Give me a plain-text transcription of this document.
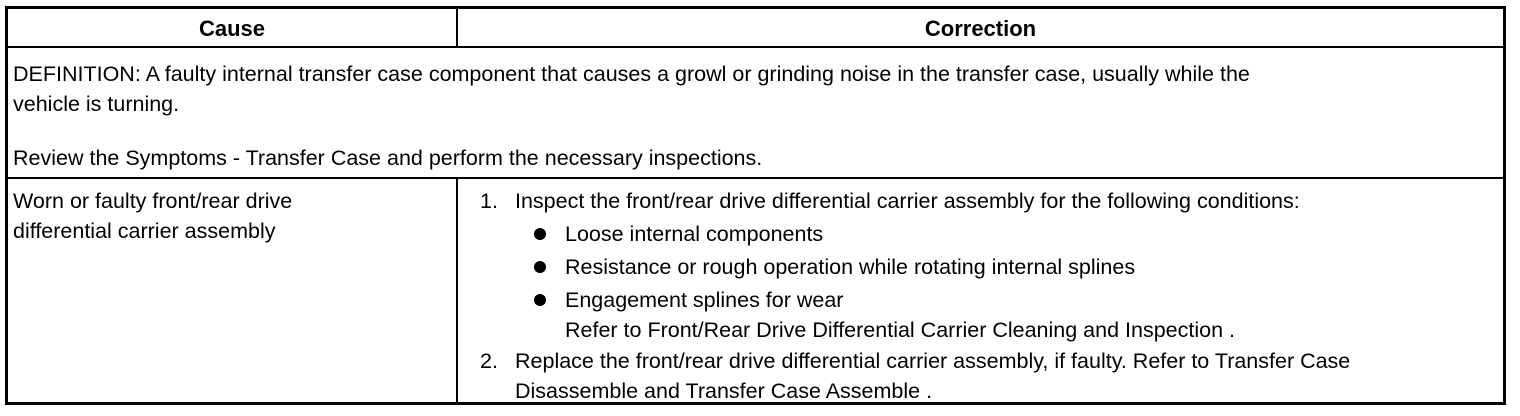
Cause	Correction
DEFINITION: A faulty internal transfer case component that causes a growl or grinding noise in the transfer case, usually while the
vehicle is turning.
Review the Symptoms - Transfer Case and perform the necessary inspections.
Worn or faulty front/rear drive
differential carrier assembly
1. Inspect the front/rear drive differential carrier assembly for the following conditions:
Loose internal components
Resistance or rough operation while rotating internal splines
Engagement splines for wear
Refer to Front/Rear Drive Differential Carrier Cleaning and Inspection .
2. Replace the front/rear drive differential carrier assembly, if faulty. Refer to Transfer Case
Disassemble and Transfer Case Assemble .
